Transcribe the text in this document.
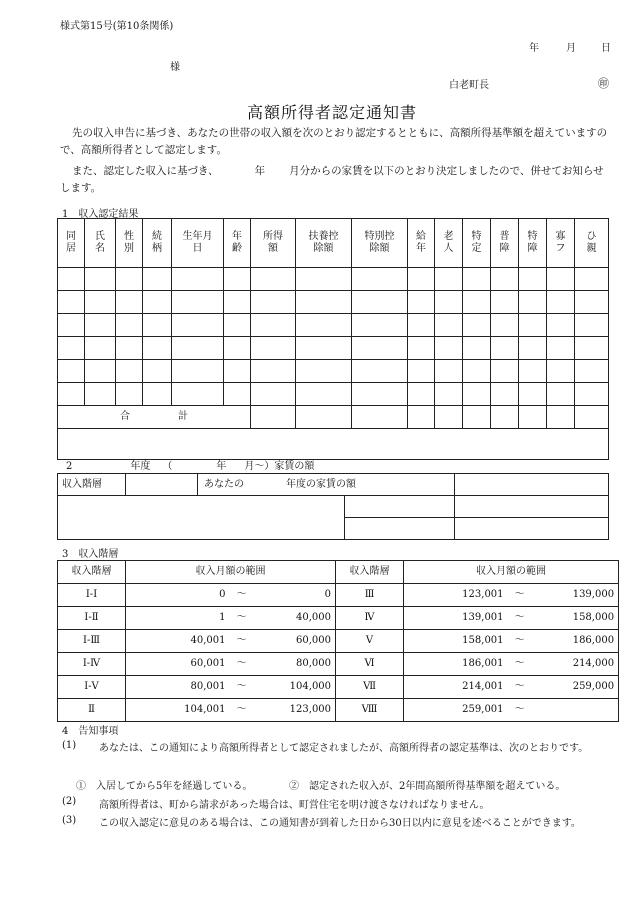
様式第15号(第10条関係)
年	月	日
様
白老町長	㊞
高額所得者認定通知書
先の収入申告に基づき、あなたの世帯の収入額を次のとおり認定するとともに、高額所得基準額を超えていますので、高額所得者として認定します。
また、認定した収入に基づき、	年 月分からの家賃を以下のとおり決定しましたので、併せてお知らせします。
1　収入認定結果
同居	氏名	性別	続柄	生年月日	年齢	所得額	扶養控除額	特別控除額	給年	老人	特定	普障	特障	寡フ	ひ親

合 計															

2	年度 （	年 月〜）家賃の額
収入階層		あなたの 年度の家賃の額		

3　収入階層
収入階層	収入月額の範囲			収入階層	収入月額の範囲		
Ⅰ-Ⅰ	0	〜	0	Ⅲ	123,001	〜	139,000
Ⅰ-Ⅱ	1	〜	40,000	Ⅳ	139,001	〜	158,000
Ⅰ-Ⅲ	40,001	〜	60,000	Ⅴ	158,001	〜	186,000
Ⅰ-Ⅳ	60,001	〜	80,000	Ⅵ	186,001	〜	214,000
Ⅰ-Ⅴ	80,001	〜	104,000	Ⅶ	214,001	〜	259,000
Ⅱ	104,001	〜	123,000	Ⅷ	259,001	〜	
4　告知事項
(1) あなたは、この通知により高額所得者として認定されましたが、高額所得者の認定基準は、次のとおりです。
①　入居してから5年を経過している。	②　認定された収入が、2年間高額所得基準額を超えている。
(2) 高額所得者は、町から請求があった場合は、町営住宅を明け渡さなければなりません。
(3) この収入認定に意見のある場合は、この通知書が到着した日から30日以内に意見を述べることができます。
